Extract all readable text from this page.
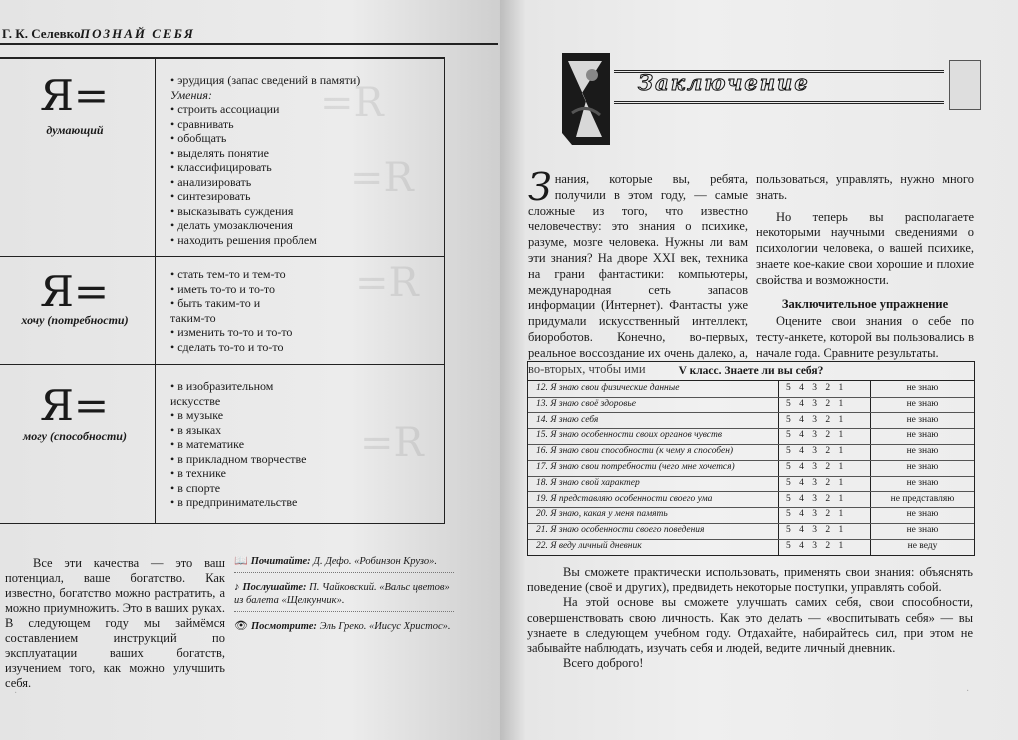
Г. К. Селевко.
ПОЗНАЙ СЕБЯ
=R
=R
=R
=R
Я=
думающий
• эрудиция (запас сведений в памяти)
Умения:
• строить ассоциации
• сравнивать
• обобщать
• выделять понятие
• классифицировать
• анализировать
• синтезировать
• высказывать суждения
• делать умозаключения
• находить решения проблем
Я=
хочу (потребности)
• стать тем-то и тем-то
• иметь то-то и то-то
• быть таким-то и
таким-то
• изменить то-то и то-то
• сделать то-то и то-то
Я=
могу (способности)
• в изобразительном
искусстве
• в музыке
• в языках
• в математике
• в прикладном творчестве
• в технике
• в спорте
• в предпринимательстве
Все эти качества — это ваш потенциал, ваше богатство. Как известно, богатство можно растратить, а можно приумножить. Это в ваших руках. В следующем году мы займёмся составлением инструкций по эксплуатации ваших богатств, изучением того, как можно улучшить себя.
📖 Почитайте: Д. Дефо. «Робинзон Крузо».
♪ Послушайте: П. Чайковский. «Вальс цветов» из балета «Щелкунчик».
👁 Посмотрите: Эль Греко. «Иисус Христос».
·
Заключение
Знания, которые вы, ребята, получили в этом году, — самые сложные из того, что известно человечеству: это знания о психике, разуме, мозге человека. Нужны ли вам эти знания? На дворе XXI век, техника на грани фантастики: компьютеры, международная сеть запасов информации (Интернет). Фантасты уже придумали искусственный интеллект, биороботов. Конечно, во-первых, реальное воссоздание их очень далеко, а, во-вторых, чтобы ими

пользоваться, управлять, нужно много знать.

Но теперь вы располагаете некоторыми научными сведениями о психологии человека, о вашей психике, знаете кое-какие свои хорошие и плохие свойства и возможности.

Заключительное упражнение

Оцените свои знания о себе по тесту-анкете, которой вы пользовались в начале года. Сравните результаты.

V класс. Знаете ли вы себя?
12. Я знаю свои физические данные	5 4 3 2 1	не знаю
13. Я знаю своё здоровье	5 4 3 2 1	не знаю
14. Я знаю себя	5 4 3 2 1	не знаю
15. Я знаю особенности своих органов чувств	5 4 3 2 1	не знаю
16. Я знаю свои способности (к чему я способен)	5 4 3 2 1	не знаю
17. Я знаю свои потребности (чего мне хочется)	5 4 3 2 1	не знаю
18. Я знаю свой характер	5 4 3 2 1	не знаю
19. Я представляю особенности своего ума	5 4 3 2 1	не представляю
20. Я знаю, какая у меня память	5 4 3 2 1	не знаю
21. Я знаю особенности своего поведения	5 4 3 2 1	не знаю
22. Я веду личный дневник	5 4 3 2 1	не веду

Вы сможете практически использовать, применять свои знания: объяснять поведение (своё и других), предвидеть некоторые поступки, управлять собой.

На этой основе вы сможете улучшать самих себя, свои способности, совершенствовать свою личность. Как это делать — «воспитывать себя» — вы узнаете в следующем учебном году. Отдахайте, набирайтесь сил, при этом не забывайте наблюдать, изучать себя и людей, ведите личный дневник.

Всего доброго!

·
